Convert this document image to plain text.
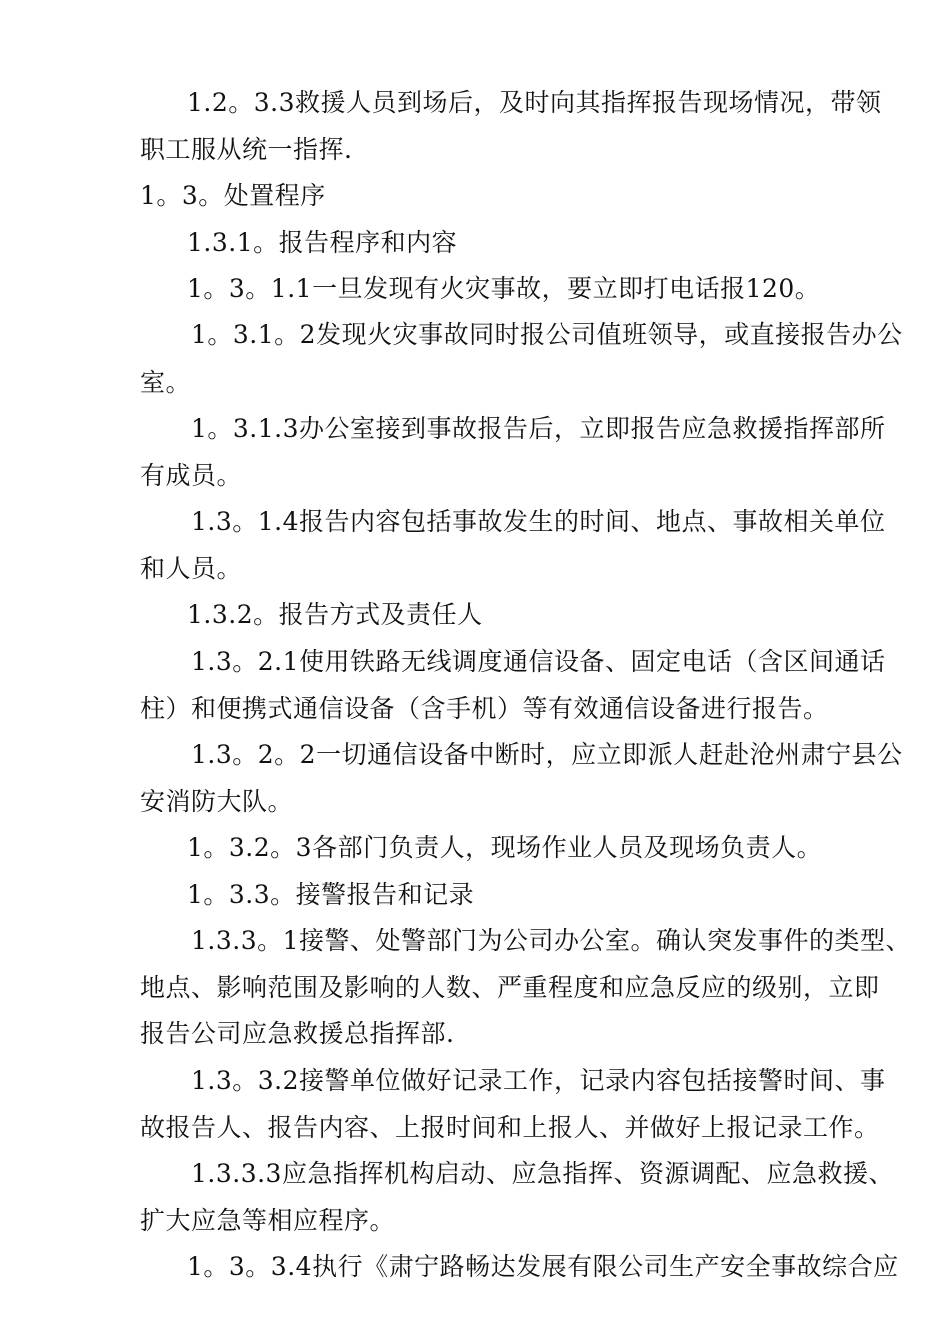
1.2。3.3救援人员到场后，及时向其指挥报告现场情况，带领
职工服从统一指挥.
1。3。处置程序
1.3.1。报告程序和内容
1。3。1.1一旦发现有火灾事故，要立即打电话报120。
1。3.1。2发现火灾事故同时报公司值班领导，或直接报告办公
室。
1。3.1.3办公室接到事故报告后，立即报告应急救援指挥部所
有成员。
1.3。1.4报告内容包括事故发生的时间、地点、事故相关单位
和人员。
1.3.2。报告方式及责任人
1.3。2.1使用铁路无线调度通信设备、固定电话（含区间通话
柱）和便携式通信设备（含手机）等有效通信设备进行报告。
1.3。2。2一切通信设备中断时，应立即派人赶赴沧州肃宁县公
安消防大队。
1。3.2。3各部门负责人，现场作业人员及现场负责人。
1。3.3。接警报告和记录
1.3.3。1接警、处警部门为公司办公室。确认突发事件的类型、
地点、影响范围及影响的人数、严重程度和应急反应的级别，立即
报告公司应急救援总指挥部.
1.3。3.2接警单位做好记录工作，记录内容包括接警时间、事
故报告人、报告内容、上报时间和上报人、并做好上报记录工作。
1.3.3.3应急指挥机构启动、应急指挥、资源调配、应急救援、
扩大应急等相应程序。
1。3。3.4执行《肃宁路畅达发展有限公司生产安全事故综合应
